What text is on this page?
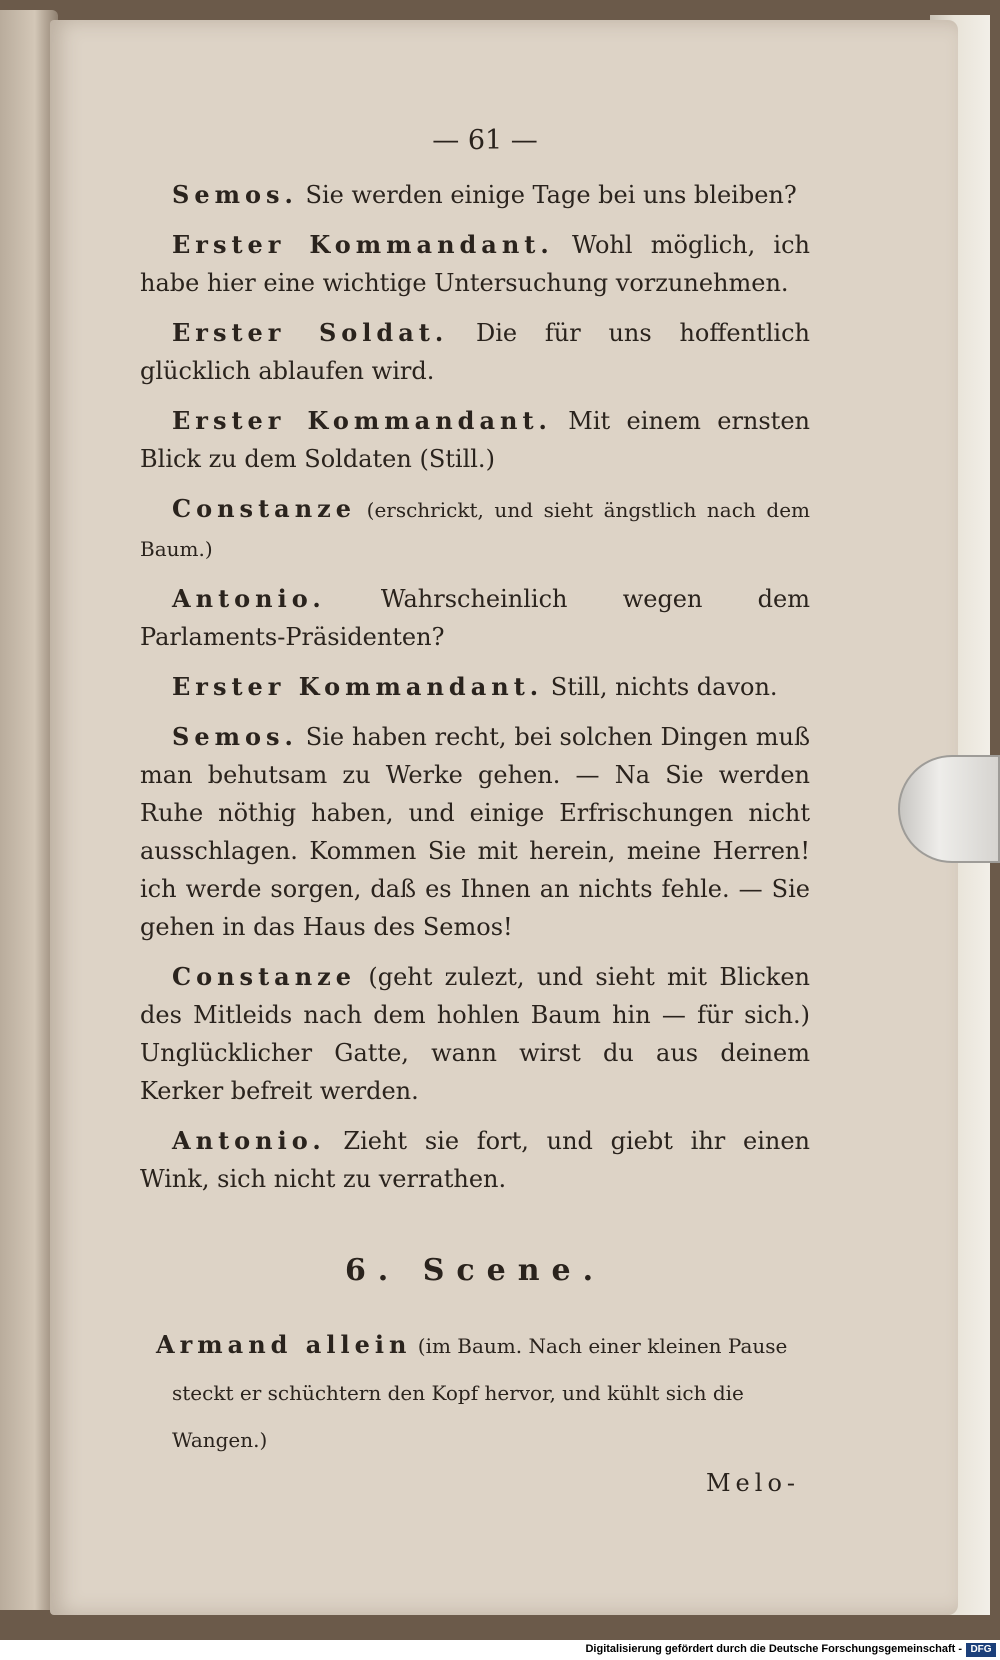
— 61 —

Semos. Sie werden einige Tage bei uns bleiben?

Erster Kommandant. Wohl möglich, ich habe hier eine wichtige Untersuchung vorzunehmen.

Erster Soldat. Die für uns hoffentlich glücklich ablaufen wird.

Erster Kommandant. Mit einem ernsten Blick zu dem Soldaten (Still.)

Constanze (erschrickt, und sieht ängstlich nach dem Baum.)

Antonio. Wahrscheinlich wegen dem Parlaments-Präsidenten?

Erster Kommandant. Still, nichts davon.

Semos. Sie haben recht, bei solchen Dingen muß man behutsam zu Werke gehen. — Na Sie werden Ruhe nöthig haben, und einige Erfrischungen nicht ausschlagen. Kommen Sie mit herein, meine Herren! ich werde sorgen, daß es Ihnen an nichts fehle. — Sie gehen in das Haus des Semos!

Constanze (geht zulezt, und sieht mit Blicken des Mitleids nach dem hohlen Baum hin — für sich.) Unglücklicher Gatte, wann wirst du aus deinem Kerker befreit werden.

Antonio. Zieht sie fort, und giebt ihr einen Wink, sich nicht zu verrathen.

6. Scene.

Armand allein (im Baum. Nach einer kleinen Pause steckt er schüchtern den Kopf hervor, und kühlt sich die Wangen.)

Melo-
Digitalisierung gefördert durch die Deutsche Forschungsgemeinschaft - DFG
